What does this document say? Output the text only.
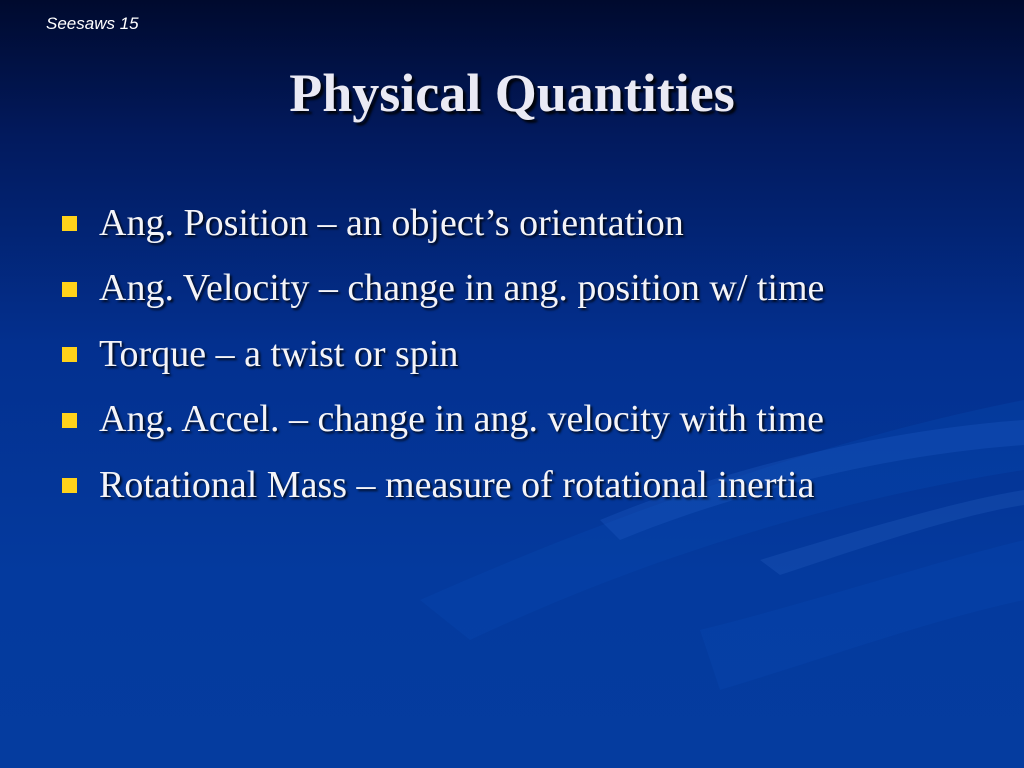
Seesaws 15
Physical Quantities
Ang. Position – an object’s orientation
Ang. Velocity – change in ang. position w/ time
Torque – a twist or spin
Ang. Accel. – change in ang. velocity with time
Rotational Mass – measure of rotational inertia
